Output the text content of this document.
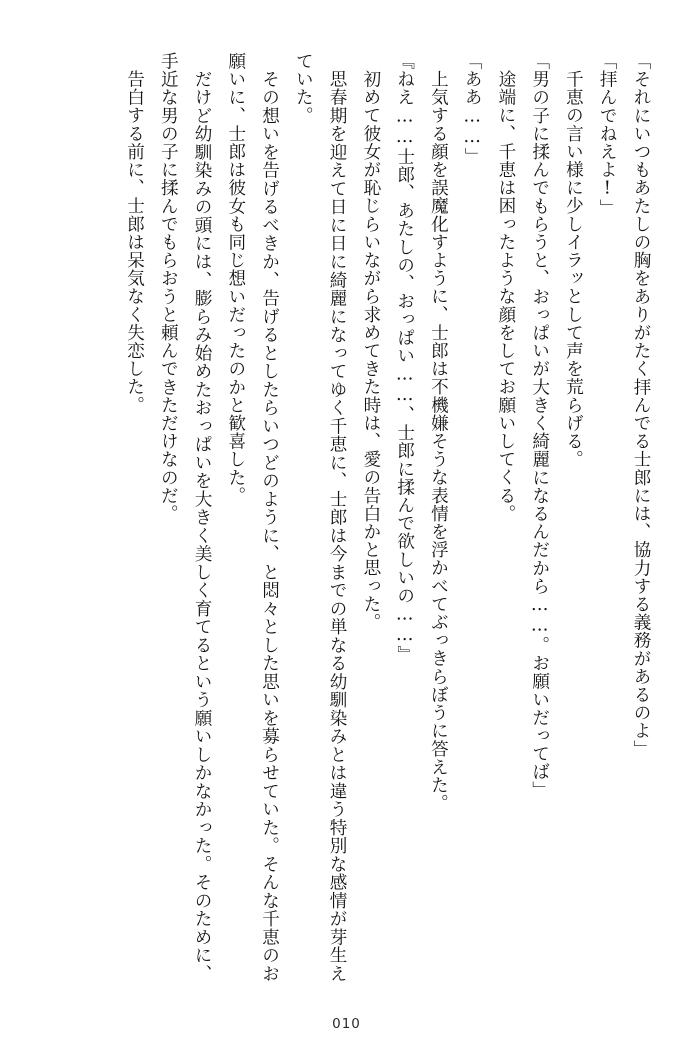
「それにいつもあたしの胸をありがたく拝んでる士郎には、協力する義務があるのよ」

「拝んでねえよ!」

千恵の言い様に少しイラッとして声を荒らげる。

「男の子に揉んでもらうと、おっぱいが大きく綺麗になるんだから……。お願いだってば」

途端に、千恵は困ったような顔をしてお願いしてくる。

「ああ……」

上気する顔を誤魔化すように、士郎は不機嫌そうな表情を浮かべてぶっきらぼうに答えた。

『ねえ……士郎、あたしの、おっぱい……、士郎に揉んで欲しいの……』

初めて彼女が恥じらいながら求めてきた時は、愛の告白かと思った。

思春期を迎えて日に日に綺麗になってゆく千恵に、士郎は今までの単なる幼馴染みとは違う特別な感情が芽生えていた。

その想いを告げるべきか、告げるとしたらいつどのように、と悶々とした思いを募らせていた。そんな千恵のお願いに、士郎は彼女も同じ想いだったのかと歓喜した。

だけど幼馴染みの頭には、膨らみ始めたおっぱいを大きく美しく育てるという願いしかなかった。そのために、手近な男の子に揉んでもらおうと頼んできただけなのだ。

告白する前に、士郎は呆気なく失恋した。

010
